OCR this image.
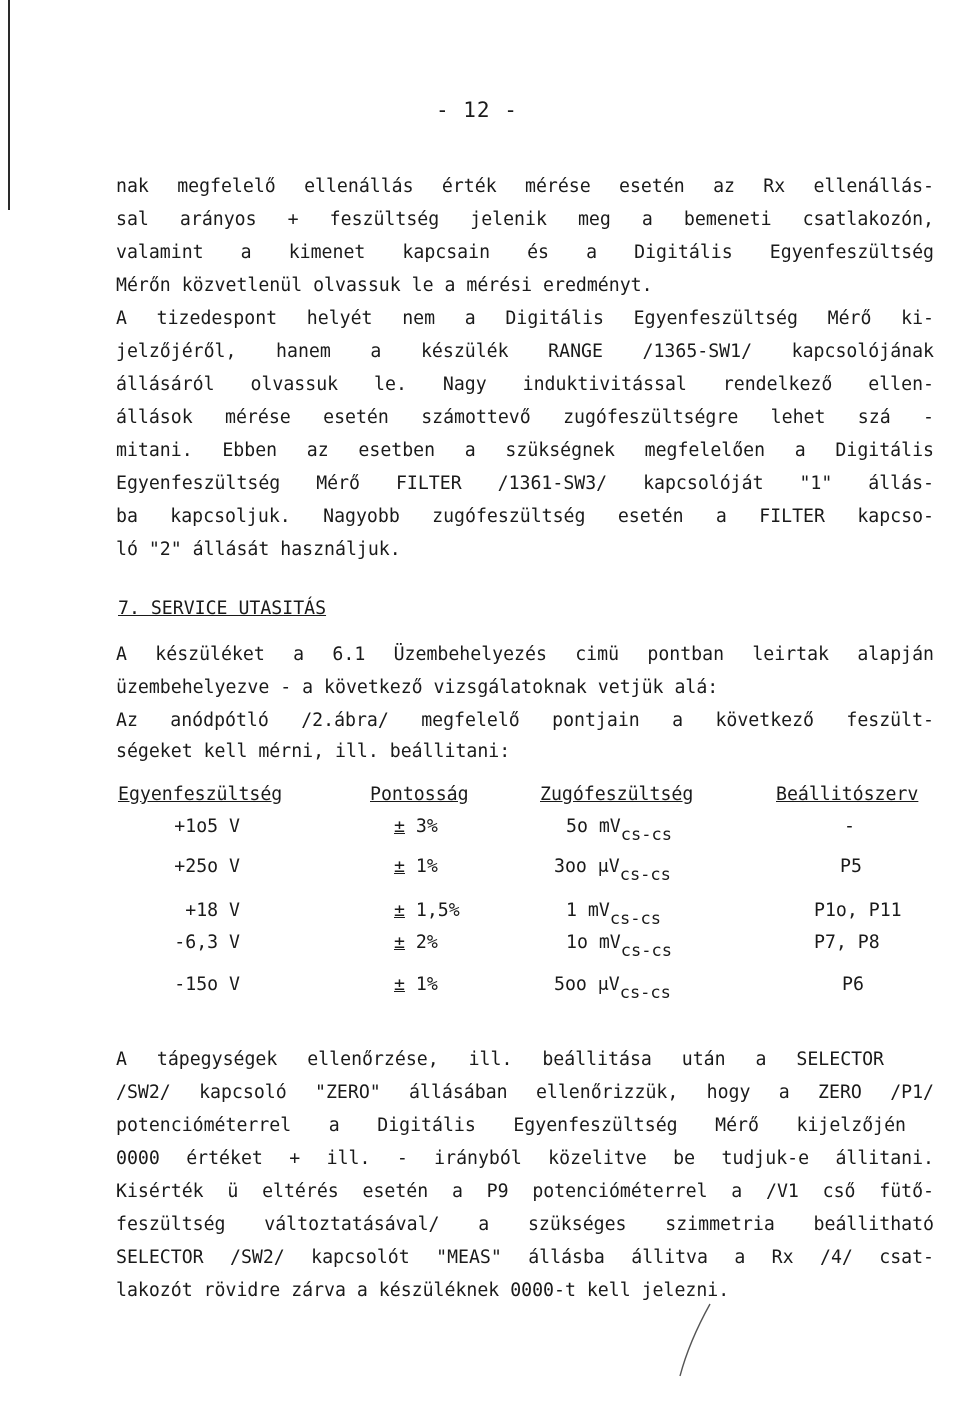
- 12 -
nak megfelelő ellenállás érték mérése esetén az Rx ellenállás-
sal arányos + feszültség jelenik meg a bemeneti csatlakozón,
valamint a kimenet kapcsain és a Digitális Egyenfeszültség
Mérőn közvetlenül olvassuk le a mérési eredményt.
A tizedespont helyét nem a Digitális Egyenfeszültség Mérő ki-
jelzőjéről, hanem a készülék RANGE /1365-SW1/ kapcsolójának
állásáról olvassuk le. Nagy induktivitással rendelkező ellen-
állások mérése esetén számottevő zugófeszültségre lehet szá -
mitani. Ebben az esetben a szükségnek megfelelően a Digitális
Egyenfeszültség Mérő FILTER /1361-SW3/ kapcsolóját "1" állás-
ba kapcsoljuk. Nagyobb zugófeszültség esetén a FILTER kapcso-
ló "2" állását használjuk.
7. SERVICE UTASITÁS
A készüléket a 6.1 Üzembehelyezés cimü pontban leirtak alapján
üzembehelyezve - a következő vizsgálatoknak vetjük alá:
Az anódpótló /2.ábra/ megfelelő pontjain a következő feszült-
ségeket kell mérni, ill. beállitani:
Egyenfeszültség	Pontosság	Zugófeszültség	Beállitószerv
+1o5 V	± 3%	5o mVcs-cs	-
+25o V	± 1%	3oo μVcs-cs	P5
+18 V	± 1,5%	1 mVcs-cs	P1o, P11
-6,3 V	± 2%	1o mVcs-cs	P7, P8
-15o V	± 1%	5oo μVcs-cs	P6
A tápegységek ellenőrzése, ill. beállitása után a SELECTOR
/SW2/ kapcsoló "ZERO" állásában ellenőrizzük, hogy a ZERO /P1/
potencióméterrel a Digitális Egyenfeszültség Mérő kijelzőjén
0000 értéket + ill. - irányból közelitve be tudjuk-e állitani.
Kisérték ü eltérés esetén a P9 potencióméterrel a /V1 cső fütő-
feszültség változtatásával/ a szükséges szimmetria beállitható
SELECTOR /SW2/ kapcsolót "MEAS" állásba állitva a Rx /4/ csat-
lakozót rövidre zárva a készüléknek 0000-t kell jelezni.
